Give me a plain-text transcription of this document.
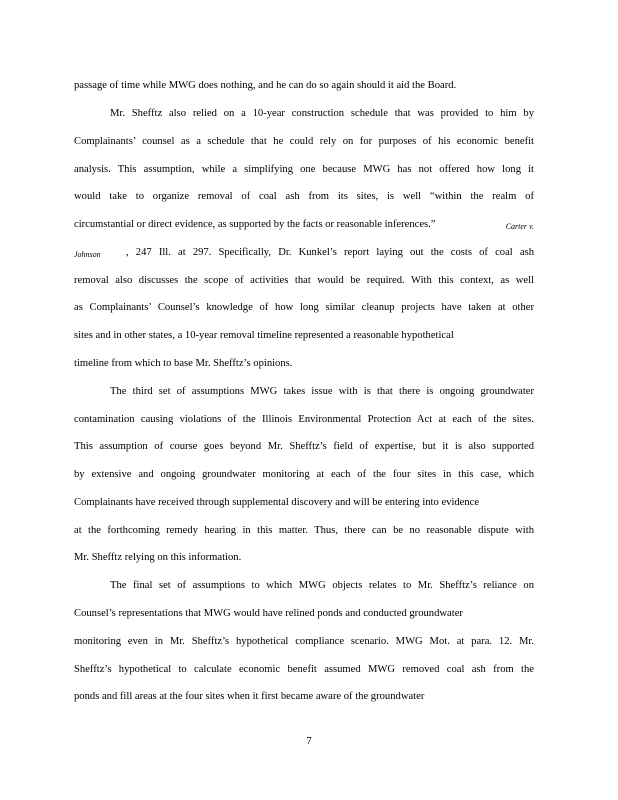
passage of time while MWG does nothing, and he can do so again should it aid the Board.
Mr. Shefftz also relied on a 10-year construction schedule that was provided to him by
Complainants’ counsel as a schedule that he could rely on for purposes of his economic benefit
analysis. This assumption, while a simplifying one because MWG has not offered how long it
would take to organize removal of coal ash from its sites, is well “within the realm of
circumstantial or direct evidence, as supported by the facts or reasonable inferences.”	Carter v.
Johnson	, 247 Ill. at 297. Specifically, Dr. Kunkel’s report laying out the costs of coal ash
removal also discusses the scope of activities that would be required. With this context, as well
as Complainants’ Counsel’s knowledge of how long similar cleanup projects have taken at other
sites and in other states, a 10-year removal timeline represented a reasonable hypothetical
timeline from which to base Mr. Shefftz’s opinions.
The third set of assumptions MWG takes issue with is that there is ongoing groundwater
contamination causing violations of the Illinois Environmental Protection Act at each of the sites.
This assumption of course goes beyond Mr. Shefftz’s field of expertise, but it is also supported
by extensive and ongoing groundwater monitoring at each of the four sites in this case, which
Complainants have received through supplemental discovery and will be entering into evidence
at the forthcoming remedy hearing in this matter. Thus, there can be no reasonable dispute with
Mr. Shefftz relying on this information.
The final set of assumptions to which MWG objects relates to Mr. Shefftz’s reliance on
Counsel’s representations that MWG would have relined ponds and conducted groundwater
monitoring even in Mr. Shefftz’s hypothetical compliance scenario. MWG Mot. at para. 12. Mr.
Shefftz’s hypothetical to calculate economic benefit assumed MWG removed coal ash from the
ponds and fill areas at the four sites when it first became aware of the groundwater
7
